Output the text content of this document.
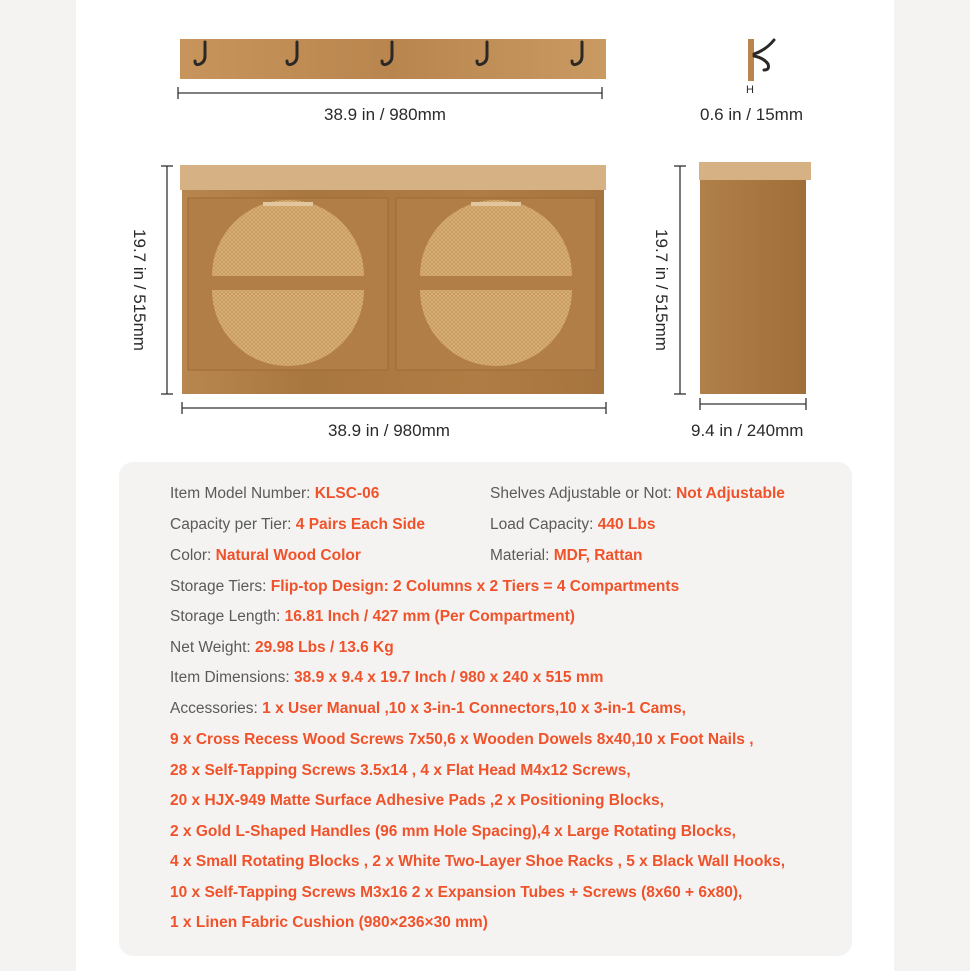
38.9 in / 980mm
H
0.6 in / 15mm
19.7 in / 515mm
38.9 in / 980mm
19.7 in / 515mm
9.4 in / 240mm
Item Model Number: KLSC-06	Shelves Adjustable or Not: Not Adjustable
Capacity per Tier: 4 Pairs Each Side	Load Capacity: 440 Lbs
Color: Natural Wood Color	Material: MDF, Rattan
Storage Tiers: Flip-top Design: 2 Columns x 2 Tiers = 4 Compartments
Storage Length: 16.81 Inch / 427 mm (Per Compartment)
Net Weight: 29.98 Lbs / 13.6 Kg
Item Dimensions: 38.9 x 9.4 x 19.7 Inch / 980 x 240 x 515 mm
Accessories: 1 x User Manual ,10 x 3-in-1 Connectors,10 x 3-in-1 Cams,
9 x Cross Recess Wood Screws 7x50,6 x Wooden Dowels 8x40,10 x Foot Nails ,
28 x Self-Tapping Screws 3.5x14 , 4 x Flat Head M4x12 Screws,
20 x HJX-949 Matte Surface Adhesive Pads ,2 x Positioning Blocks,
2 x Gold L-Shaped Handles (96 mm Hole Spacing),4 x Large Rotating Blocks,
4 x Small Rotating Blocks , 2 x White Two-Layer Shoe Racks , 5 x Black Wall Hooks,
10 x Self-Tapping Screws M3x16 2 x Expansion Tubes + Screws (8x60 + 6x80),
1 x Linen Fabric Cushion (980×236×30 mm)
